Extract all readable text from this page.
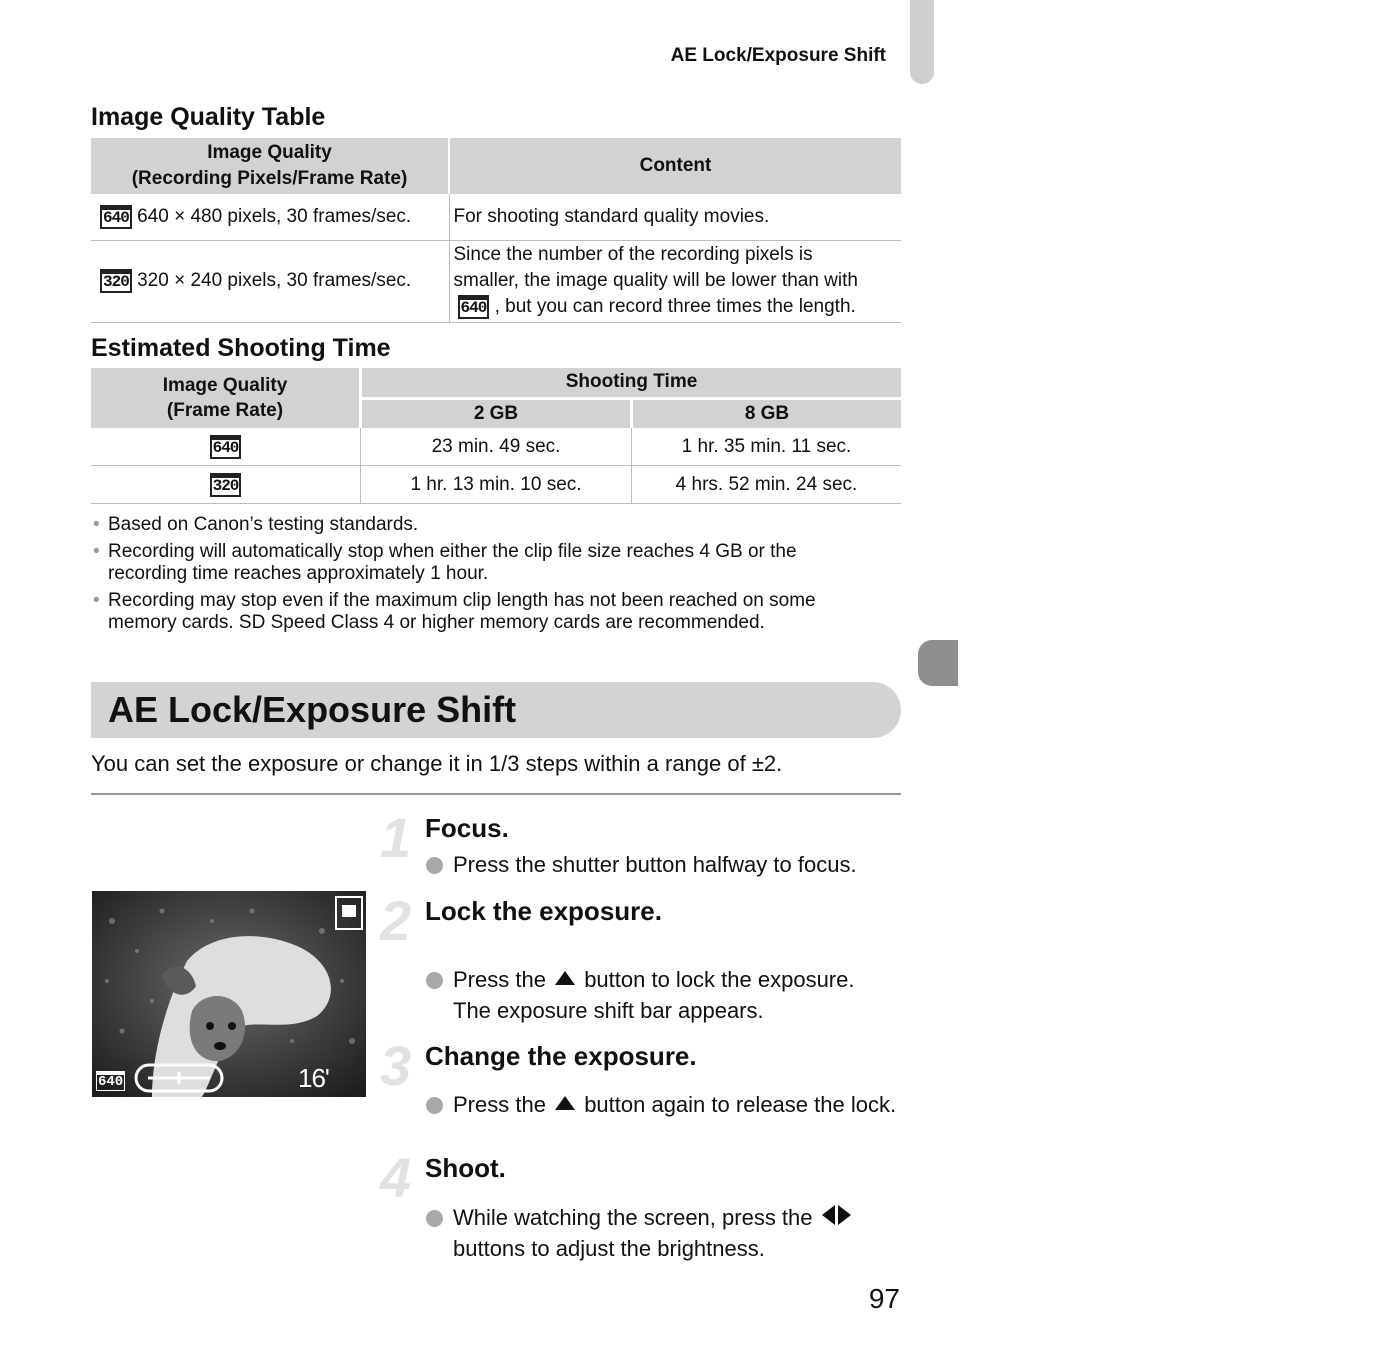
AE Lock/Exposure Shift
Image Quality Table
Image Quality
(Recording Pixels/Frame Rate)	Content
640 640 × 480 pixels, 30 frames/sec.	For shooting standard quality movies.
320 320 × 240 pixels, 30 frames/sec.	Since the number of the recording pixels is
smaller, the image quality will be lower than with
640 , but you can record three times the length.
Estimated Shooting Time
Image Quality
(Frame Rate)	Shooting Time	
	2 GB	8 GB
640	23 min. 49 sec.	1 hr. 35 min. 11 sec.
320	1 hr. 13 min. 10 sec.	4 hrs. 52 min. 24 sec.
• Based on Canon’s testing standards.
• Recording will automatically stop when either the clip file size reaches 4 GB or the
recording time reaches approximately 1 hour.
• Recording may stop even if the maximum clip length has not been reached on some
memory cards. SD Speed Class 4 or higher memory cards are recommended.
AE Lock/Exposure Shift
You can set the exposure or change it in 1/3 steps within a range of ±2.
640	16' 27"
1 Focus.
Press the shutter button halfway to focus.
2 Lock the exposure.
Press the button to lock the exposure.
The exposure shift bar appears.
Press the button again to release the lock.
3 Change the exposure.
While watching the screen, press the
buttons to adjust the brightness.
4 Shoot.
97
